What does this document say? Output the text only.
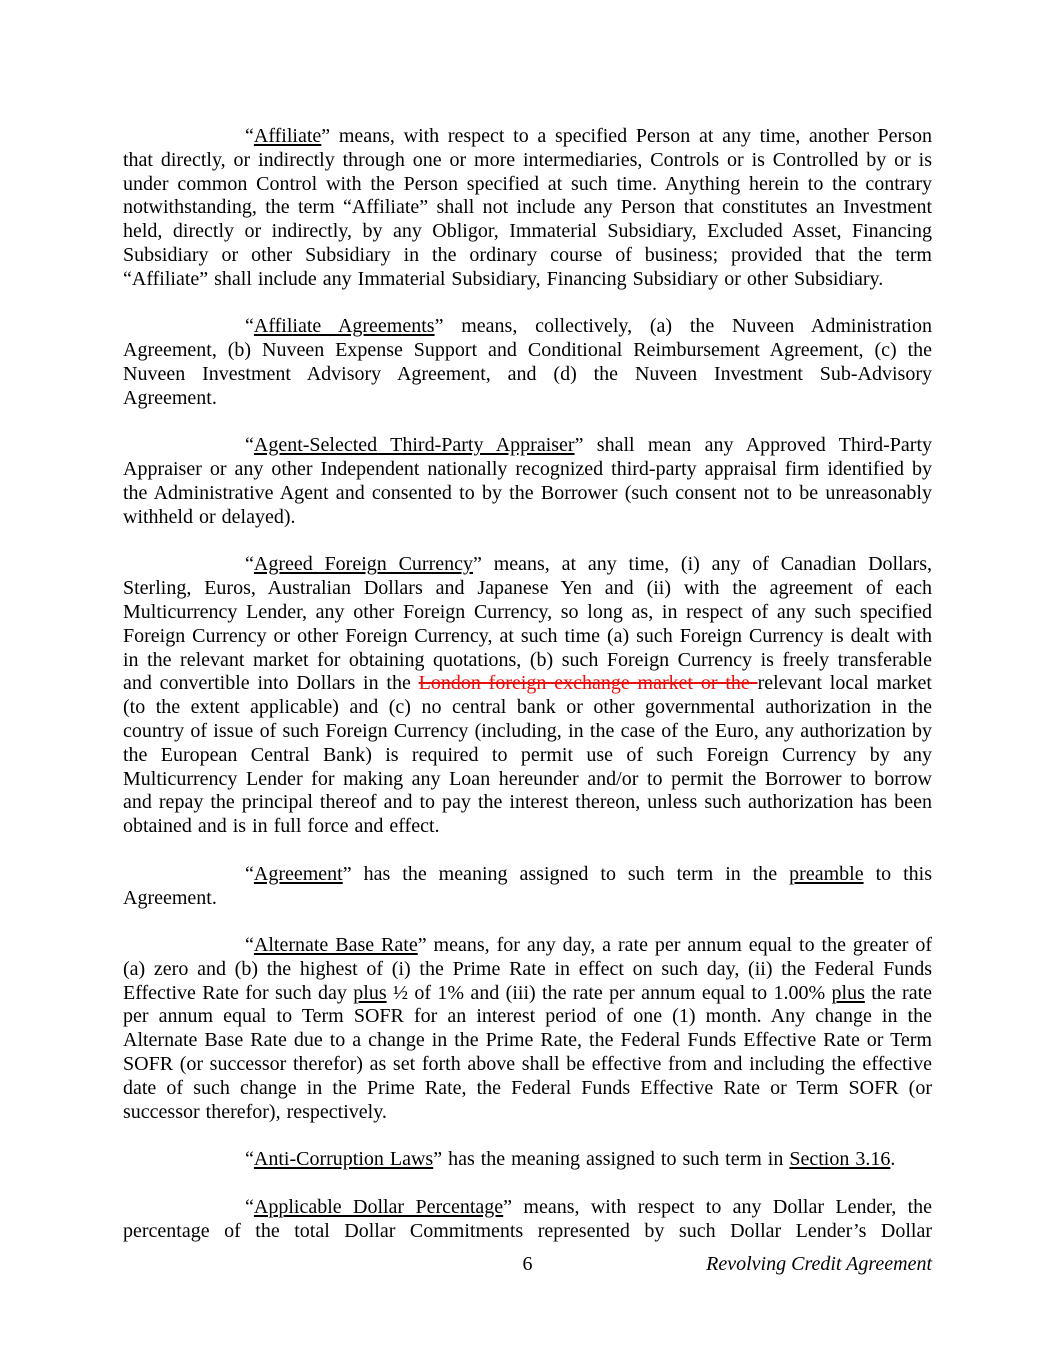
“Affiliate” means, with respect to a specified Person at any time, another Person that directly, or indirectly through one or more intermediaries, Controls or is Controlled by or is under common Control with the Person specified at such time. Anything herein to the contrary notwithstanding, the term “Affiliate” shall not include any Person that constitutes an Investment held, directly or indirectly, by any Obligor, Immaterial Subsidiary, Excluded Asset, Financing Subsidiary or other Subsidiary in the ordinary course of business; provided that the term “Affiliate” shall include any Immaterial Subsidiary, Financing Subsidiary or other Subsidiary.

“Affiliate Agreements” means, collectively, (a) the Nuveen Administration Agreement, (b) Nuveen Expense Support and Conditional Reimbursement Agreement, (c) the Nuveen Investment Advisory Agreement, and (d) the Nuveen Investment Sub-Advisory Agreement.

“Agent-Selected Third-Party Appraiser” shall mean any Approved Third-Party Appraiser or any other Independent nationally recognized third-party appraisal firm identified by the Administrative Agent and consented to by the Borrower (such consent not to be unreasonably withheld or delayed).

“Agreed Foreign Currency” means, at any time, (i) any of Canadian Dollars, Sterling, Euros, Australian Dollars and Japanese Yen and (ii) with the agreement of each Multicurrency Lender, any other Foreign Currency, so long as, in respect of any such specified Foreign Currency or other Foreign Currency, at such time (a) such Foreign Currency is dealt with in the relevant market for obtaining quotations, (b) such Foreign Currency is freely transferable and convertible into Dollars in the London foreign exchange market or the relevant local market (to the extent applicable) and (c) no central bank or other governmental authorization in the country of issue of such Foreign Currency (including, in the case of the Euro, any authorization by the European Central Bank) is required to permit use of such Foreign Currency by any Multicurrency Lender for making any Loan hereunder and/or to permit the Borrower to borrow and repay the principal thereof and to pay the interest thereon, unless such authorization has been obtained and is in full force and effect.

“Agreement” has the meaning assigned to such term in the preamble to this Agreement.

“Alternate Base Rate” means, for any day, a rate per annum equal to the greater of (a) zero and (b) the highest of (i) the Prime Rate in effect on such day, (ii) the Federal Funds Effective Rate for such day plus ½ of 1% and (iii) the rate per annum equal to 1.00% plus the rate per annum equal to Term SOFR for an interest period of one (1) month. Any change in the Alternate Base Rate due to a change in the Prime Rate, the Federal Funds Effective Rate or Term SOFR (or successor therefor) as set forth above shall be effective from and including the effective date of such change in the Prime Rate, the Federal Funds Effective Rate or Term SOFR (or successor therefor), respectively.

“Anti-Corruption Laws” has the meaning assigned to such term in Section 3.16.

“Applicable Dollar Percentage” means, with respect to any Dollar Lender, the percentage of the total Dollar Commitments represented by such Dollar Lender’s Dollar

6	Revolving Credit Agreement
